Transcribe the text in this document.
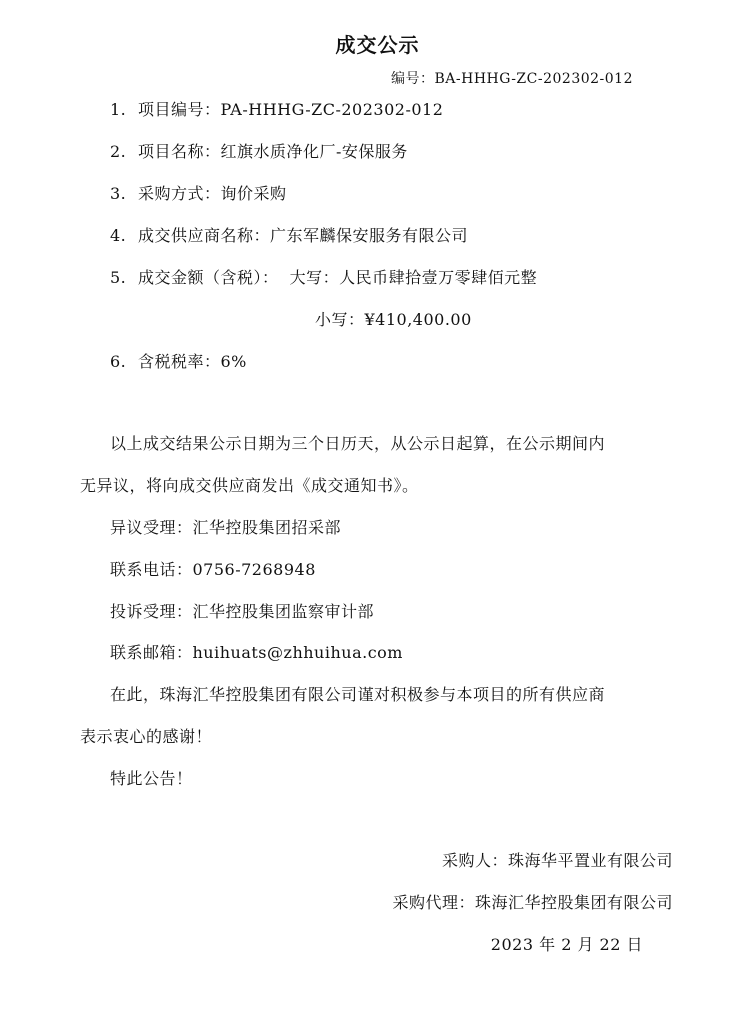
成交公示
编号：BA-HHHG-ZC-202302-012
1. 项目编号：PA-HHHG-ZC-202302-012
2. 项目名称：红旗水质净化厂-安保服务
3. 采购方式：询价采购
4. 成交供应商名称：广东军麟保安服务有限公司
5. 成交金额（含税）：  大写：人民币肆拾壹万零肆佰元整
小写：¥410,400.00
6. 含税税率：6%
以上成交结果公示日期为三个日历天，从公示日起算，在公示期间内
无异议，将向成交供应商发出《成交通知书》。
异议受理：汇华控股集团招采部
联系电话：0756-7268948
投诉受理：汇华控股集团监察审计部
联系邮箱：huihuats@zhhuihua.com
在此，珠海汇华控股集团有限公司谨对积极参与本项目的所有供应商
表示衷心的感谢！
特此公告！
采购人：珠海华平置业有限公司
采购代理：珠海汇华控股集团有限公司
2023 年 2 月 22 日
